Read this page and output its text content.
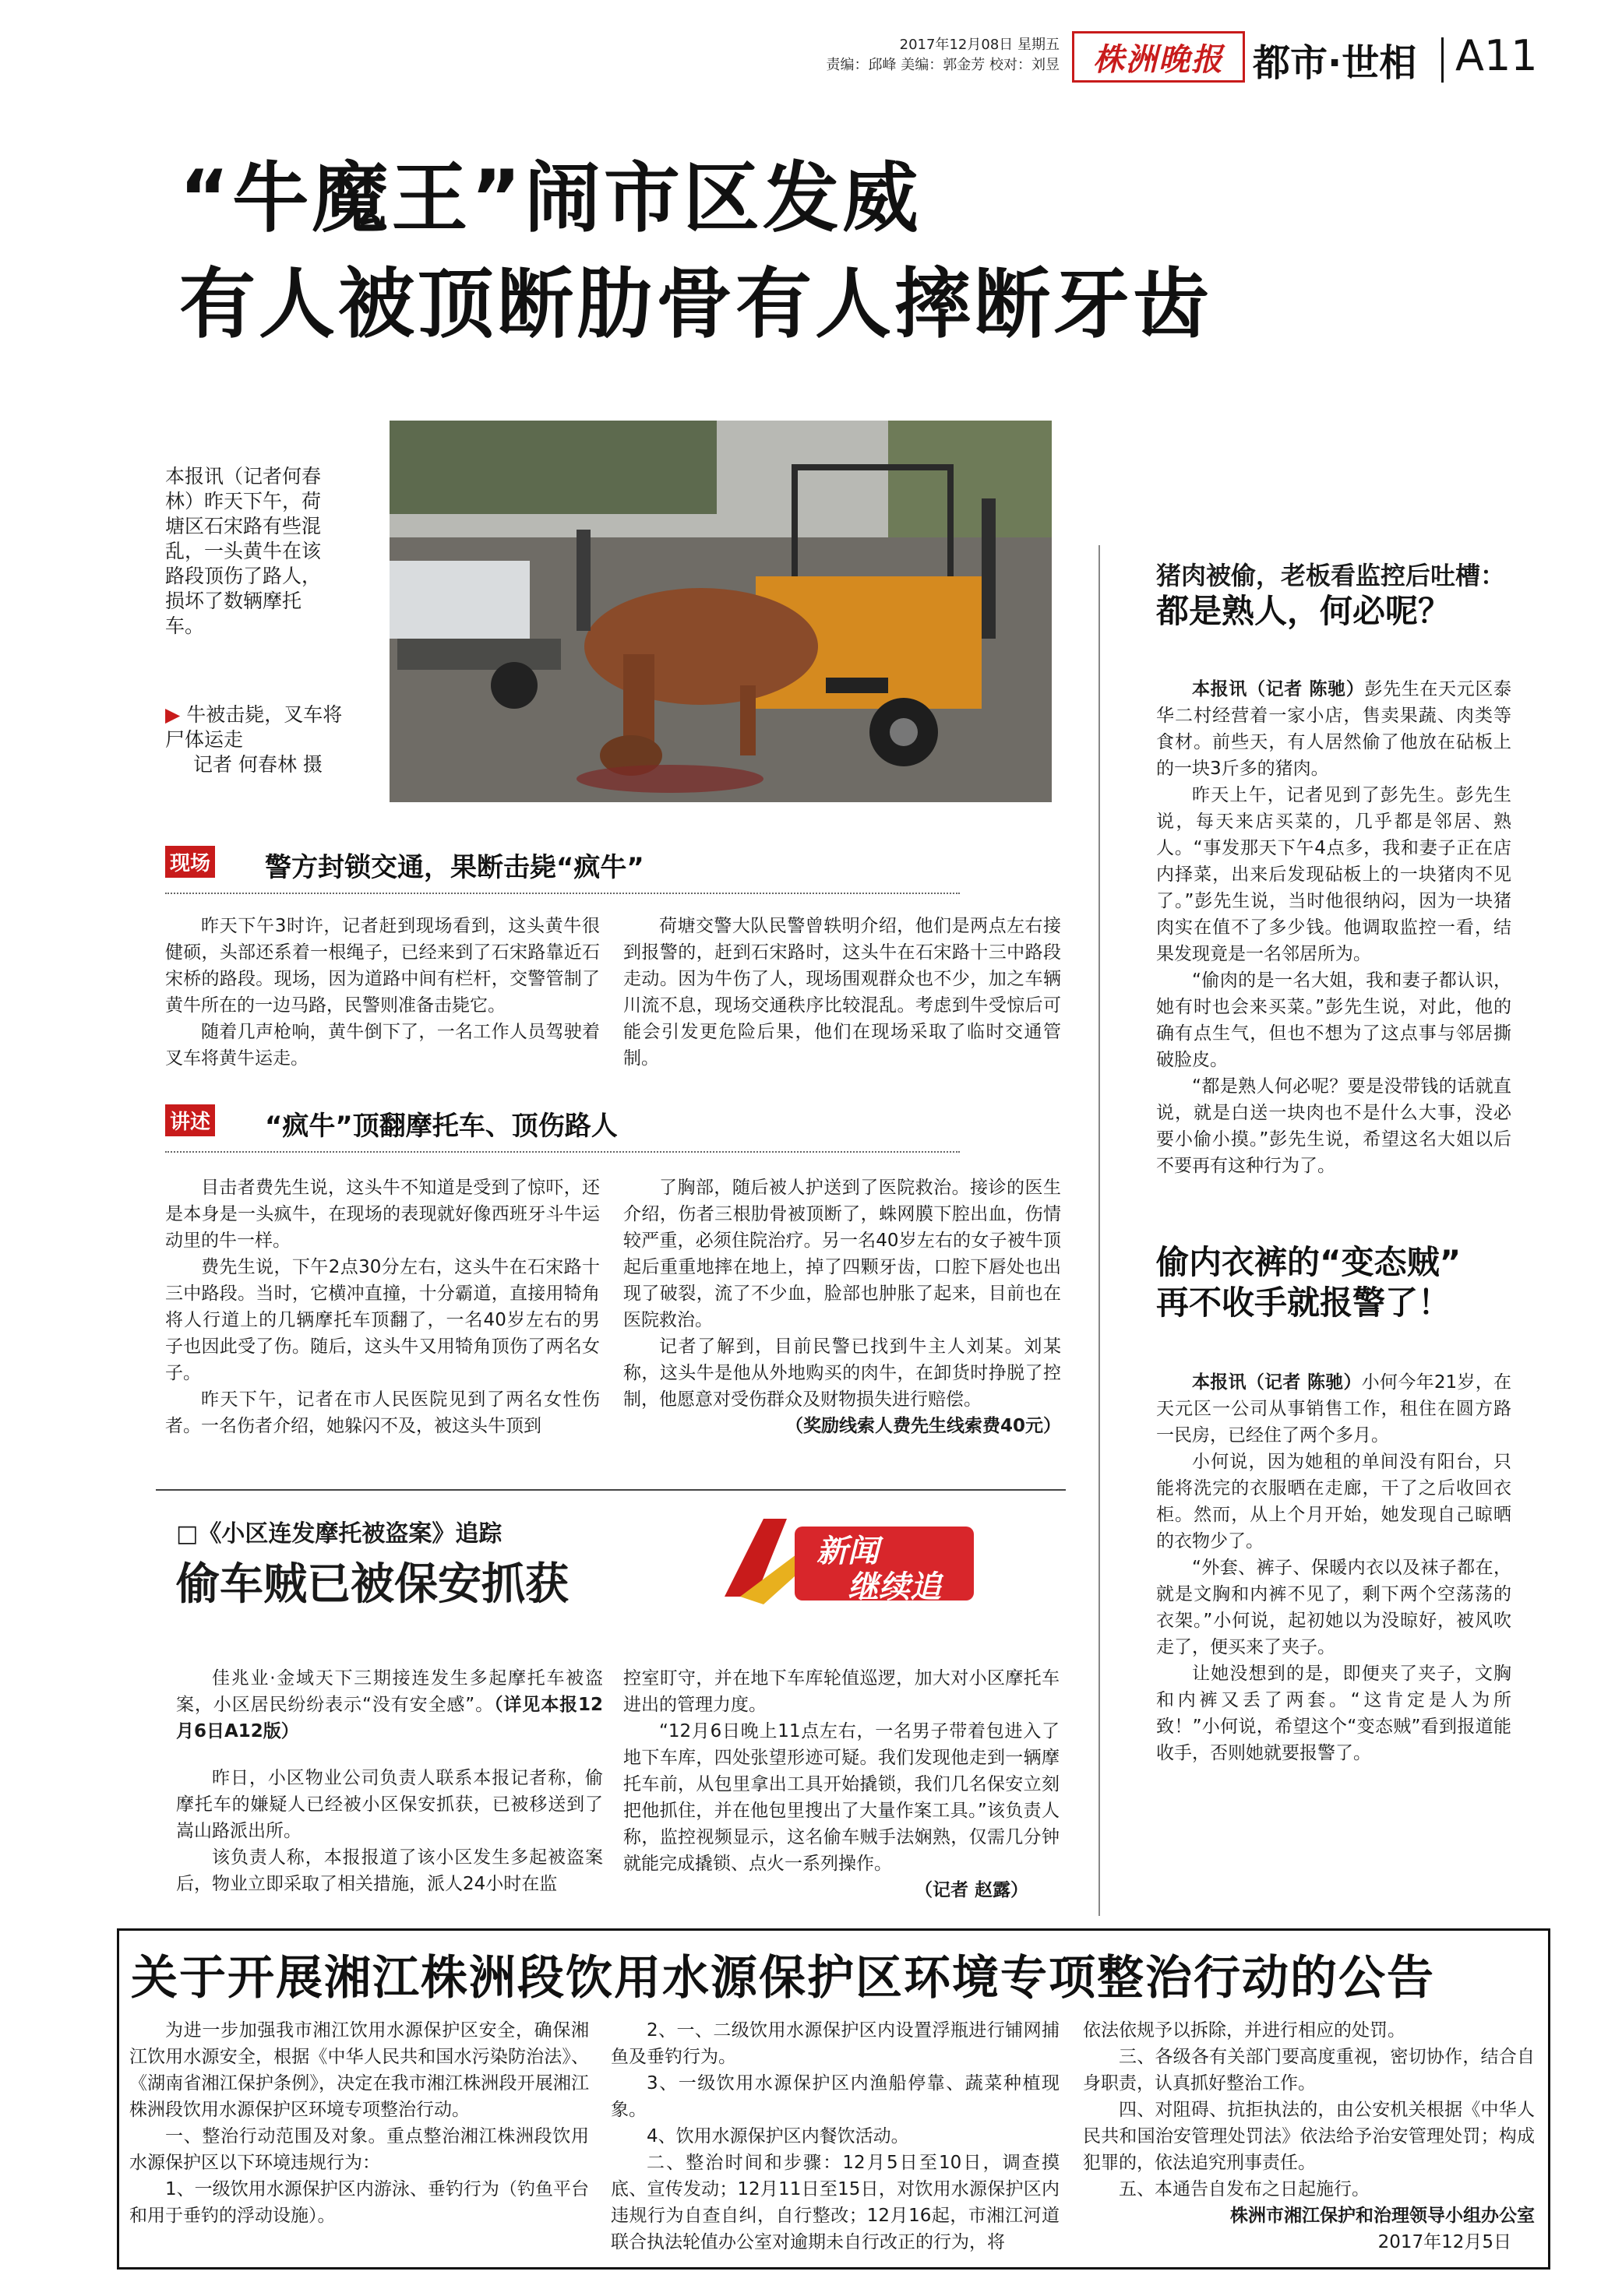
2017年12月08日 星期五
责编：邱峰 美编：郭金芳 校对：刘昱	株洲晚报 都市·世相 A11
“牛魔王”闹市区发威
有人被顶断肋骨有人摔断牙齿
本报讯（记者何春林）昨天下午，荷塘区石宋路有些混乱，一头黄牛在该路段顶伤了路人，损坏了数辆摩托车。
▶ 牛被击毙，叉车将尸体运走
记者 何春林 摄
现场 警方封锁交通，果断击毙“疯牛”

昨天下午3时许，记者赶到现场看到，这头黄牛很健硕，头部还系着一根绳子，已经来到了石宋路靠近石宋桥的路段。现场，因为道路中间有栏杆，交警管制了黄牛所在的一边马路，民警则准备击毙它。

随着几声枪响，黄牛倒下了，一名工作人员驾驶着叉车将黄牛运走。

荷塘交警大队民警曾轶明介绍，他们是两点左右接到报警的，赶到石宋路时，这头牛在石宋路十三中路段走动。因为牛伤了人，现场围观群众也不少，加之车辆川流不息，现场交通秩序比较混乱。考虑到牛受惊后可能会引发更危险后果，他们在现场采取了临时交通管制。

讲述 “疯牛”顶翻摩托车、顶伤路人

目击者费先生说，这头牛不知道是受到了惊吓，还是本身是一头疯牛，在现场的表现就好像西班牙斗牛运动里的牛一样。

费先生说，下午2点30分左右，这头牛在石宋路十三中路段。当时，它横冲直撞，十分霸道，直接用犄角将人行道上的几辆摩托车顶翻了，一名40岁左右的男子也因此受了伤。随后，这头牛又用犄角顶伤了两名女子。

昨天下午，记者在市人民医院见到了两名女性伤者。一名伤者介绍，她躲闪不及，被这头牛顶到

了胸部，随后被人护送到了医院救治。接诊的医生介绍，伤者三根肋骨被顶断了，蛛网膜下腔出血，伤情较严重，必须住院治疗。另一名40岁左右的女子被牛顶起后重重地摔在地上，掉了四颗牙齿，口腔下唇处也出现了破裂，流了不少血，脸部也肿胀了起来，目前也在医院救治。

记者了解到，目前民警已找到牛主人刘某。刘某称，这头牛是他从外地购买的肉牛，在卸货时挣脱了控制，他愿意对受伤群众及财物损失进行赔偿。

（奖励线索人费先生线索费40元）
□《小区连发摩托被盗案》追踪
偷车贼已被保安抓获
新闻
继续追

佳兆业·金域天下三期接连发生多起摩托车被盗案，小区居民纷纷表示“没有安全感”。（详见本报12月6日A12版）

昨日，小区物业公司负责人联系本报记者称，偷摩托车的嫌疑人已经被小区保安抓获，已被移送到了嵩山路派出所。

该负责人称，本报报道了该小区发生多起被盗案后，物业立即采取了相关措施，派人24小时在监

控室盯守，并在地下车库轮值巡逻，加大对小区摩托车进出的管理力度。

“12月6日晚上11点左右，一名男子带着包进入了地下车库，四处张望形迹可疑。我们发现他走到一辆摩托车前，从包里拿出工具开始撬锁，我们几名保安立刻把他抓住，并在他包里搜出了大量作案工具。”该负责人称，监控视频显示，这名偷车贼手法娴熟，仅需几分钟就能完成撬锁、点火一系列操作。

（记者 赵露）
猪肉被偷，老板看监控后吐槽：
都是熟人，何必呢？

本报讯（记者 陈驰）彭先生在天元区泰华二村经营着一家小店，售卖果蔬、肉类等食材。前些天，有人居然偷了他放在砧板上的一块3斤多的猪肉。

昨天上午，记者见到了彭先生。彭先生说，每天来店买菜的，几乎都是邻居、熟人。“事发那天下午4点多，我和妻子正在店内择菜，出来后发现砧板上的一块猪肉不见了。”彭先生说，当时他很纳闷，因为一块猪肉实在值不了多少钱。他调取监控一看，结果发现竟是一名邻居所为。

“偷肉的是一名大姐，我和妻子都认识，她有时也会来买菜。”彭先生说，对此，他的确有点生气，但也不想为了这点事与邻居撕破脸皮。

“都是熟人何必呢？要是没带钱的话就直说，就是白送一块肉也不是什么大事，没必要小偷小摸。”彭先生说，希望这名大姐以后不要再有这种行为了。

偷内衣裤的“变态贼”
再不收手就报警了！

本报讯（记者 陈驰）小何今年21岁，在天元区一公司从事销售工作，租住在圆方路一民房，已经住了两个多月。

小何说，因为她租的单间没有阳台，只能将洗完的衣服晒在走廊，干了之后收回衣柜。然而，从上个月开始，她发现自己晾晒的衣物少了。

“外套、裤子、保暖内衣以及袜子都在，就是文胸和内裤不见了，剩下两个空荡荡的衣架。”小何说，起初她以为没晾好，被风吹走了，便买来了夹子。

让她没想到的是，即便夹了夹子，文胸和内裤又丢了两套。“这肯定是人为所致！”小何说，希望这个“变态贼”看到报道能收手，否则她就要报警了。

关于开展湘江株洲段饮用水源保护区环境专项整治行动的公告

为进一步加强我市湘江饮用水源保护区安全，确保湘江饮用水源安全，根据《中华人民共和国水污染防治法》、《湖南省湘江保护条例》，决定在我市湘江株洲段开展湘江株洲段饮用水源保护区环境专项整治行动。

一、整治行动范围及对象。重点整治湘江株洲段饮用水源保护区以下环境违规行为：

1、一级饮用水源保护区内游泳、垂钓行为（钓鱼平台和用于垂钓的浮动设施）。

2、一、二级饮用水源保护区内设置浮瓶进行铺网捕鱼及垂钓行为。

3、一级饮用水源保护区内渔船停靠、蔬菜种植现象。

4、饮用水源保护区内餐饮活动。

二、整治时间和步骤：12月5日至10日，调查摸底、宣传发动；12月11日至15日，对饮用水源保护区内违规行为自查自纠，自行整改；12月16起，市湘江河道联合执法轮值办公室对逾期未自行改正的行为，将

依法依规予以拆除，并进行相应的处罚。

三、各级各有关部门要高度重视，密切协作，结合自身职责，认真抓好整治工作。

四、对阻碍、抗拒执法的，由公安机关根据《中华人民共和国治安管理处罚法》依法给予治安管理处罚；构成犯罪的，依法追究刑事责任。

五、本通告自发布之日起施行。

株洲市湘江保护和治理领导小组办公室
2017年12月5日
